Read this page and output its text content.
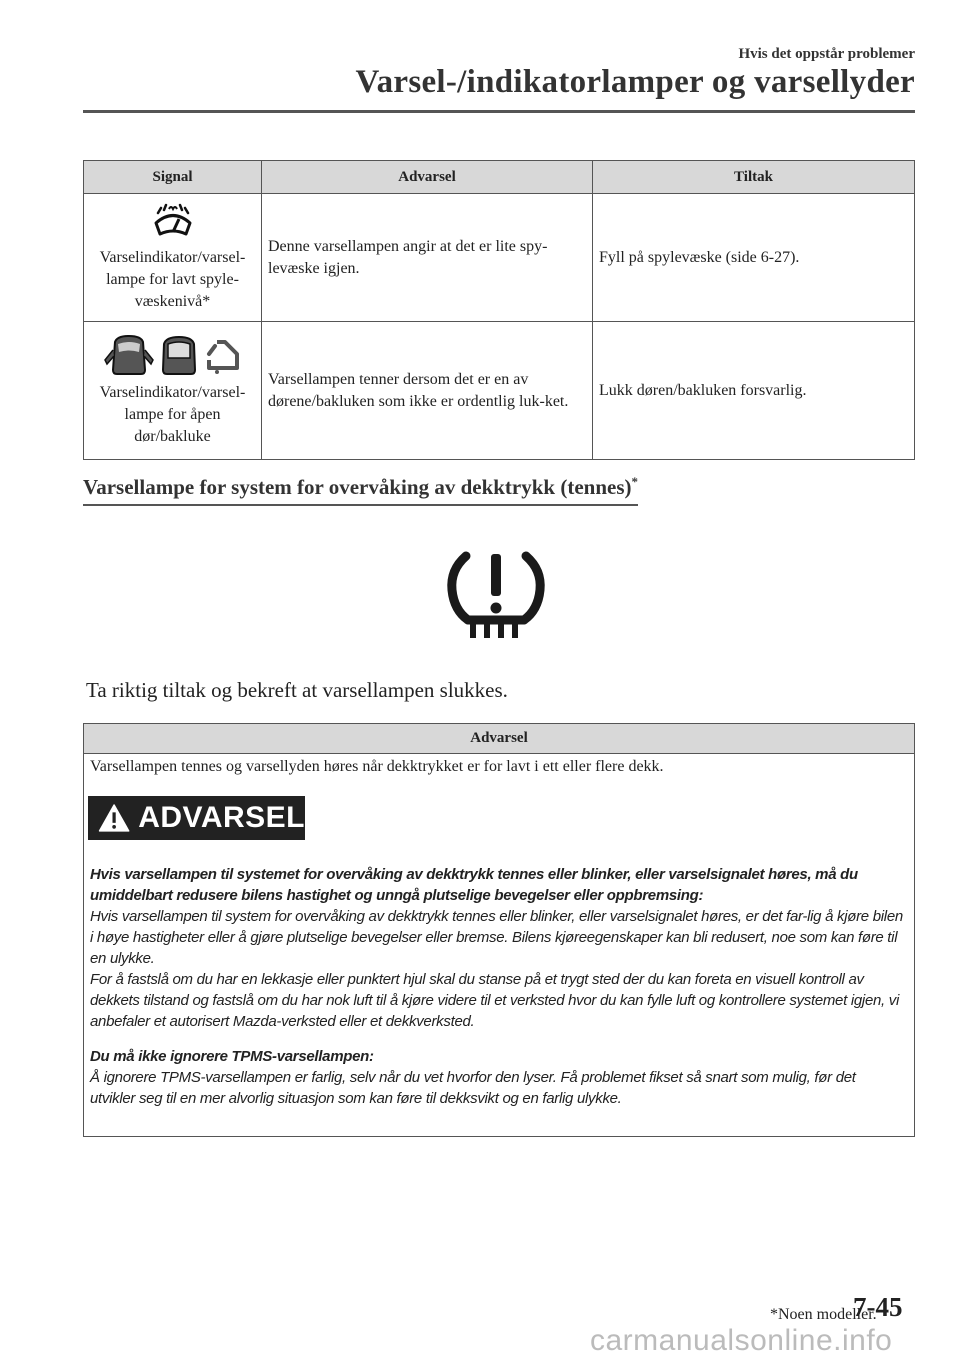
Hvis det oppstår problemer
Varsel-/indikatorlamper og varsellyder
Signal	Advarsel	Tiltak

Varselindikator/varsel-lampe for lavt spyle-væskenivå*	Denne varsellampen angir at det er lite spy-levæske igjen.	Fyll på spylevæske (side 6-27).

Varselindikator/varsel-lampe for åpen dør/bakluke	Varsellampen tenner dersom det er en av dørene/bakluken som ikke er ordentlig luk-ket.	Lukk døren/bakluken forsvarlig.
Varsellampe for system for overvåking av dekktrykk (tennes)*
Ta riktig tiltak og bekreft at varsellampen slukkes.
Advarsel
Varsellampen tennes og varsellyden høres når dekktrykket er for lavt i ett eller flere dekk.
ADVARSEL

Hvis varsellampen til systemet for overvåking av dekktrykk tennes eller blinker, eller varselsignalet høres, må du umiddelbart redusere bilens hastighet og unngå plutselige bevegelser eller oppbremsing:

Hvis varsellampen til system for overvåking av dekktrykk tennes eller blinker, eller varselsignalet høres, er det far-lig å kjøre bilen i høye hastigheter eller å gjøre plutselige bevegelser eller bremse. Bilens kjøreegenskaper kan bli redusert, noe som kan føre til en ulykke.

For å fastslå om du har en lekkasje eller punktert hjul skal du stanse på et trygt sted der du kan foreta en visuell kontroll av dekkets tilstand og fastslå om du har nok luft til å kjøre videre til et verksted hvor du kan fylle luft og kontrollere systemet igjen, vi anbefaler et autorisert Mazda-verksted eller et dekkverksted.

Du må ikke ignorere TPMS-varsellampen:

Å ignorere TPMS-varsellampen er farlig, selv når du vet hvorfor den lyser. Få problemet fikset så snart som mulig, før det utvikler seg til en mer alvorlig situasjon som kan føre til dekksvikt og en farlig ulykke.

*Noen modeller.
7-45
carmanualsonline.info
